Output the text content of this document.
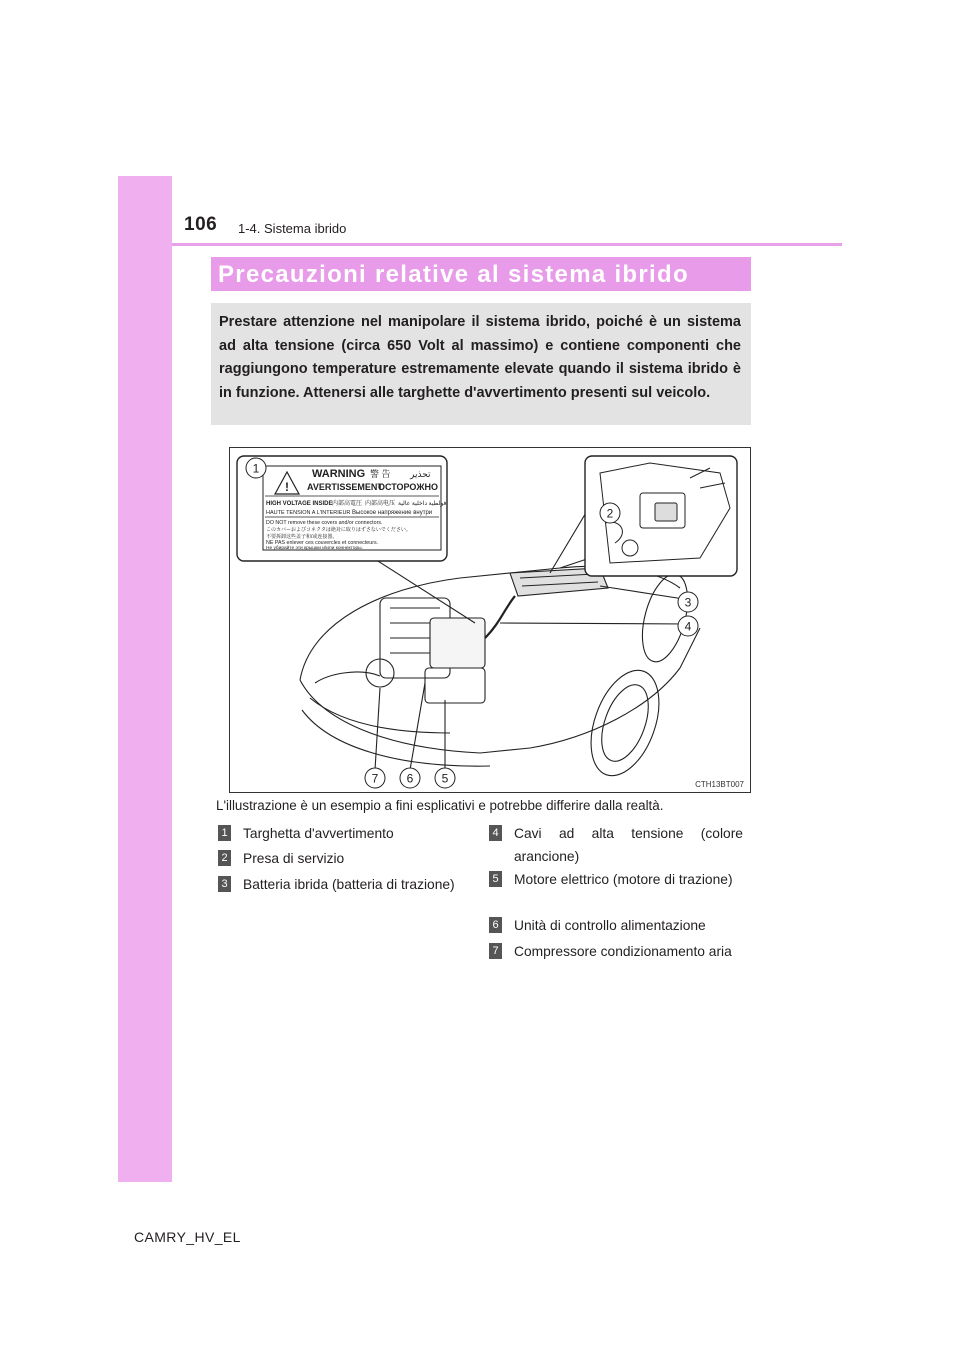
106 1-4. Sistema ibrido
Precauzioni relative al sistema ibrido
Prestare attenzione nel manipolare il sistema ibrido, poiché è un sistema ad alta tensione (circa 650 Volt al massimo) e contiene componenti che raggiungono temperature estremamente elevate quando il sistema ibrido è in funzione. Attenersi alle targhette d'avvertimento presenti sul veicolo.
!
WARNING 警 告 تحذير
AVERTISSEMENT
ОСТОРОЖНО
HIGH VOLTAGE INSIDE 内部高電圧 内部高电压 فولطية داخلية عالية
HAUTE TENSION A L'INTERIEUR Высокое напряжение внутри
DO NOT remove these covers and/or connectors.
このカバーおよびコネクタは絶対に取りはずさないでください。
不要拆卸这些盖子和/或连接器。
NE PAS enlever ces couvercles et connecteurs.
Не убирайте эти крышки и/или коннекторы.
1
2
3
4
5
6
7	CTH13BT007
L'illustrazione è un esempio a fini esplicativi e potrebbe differire dalla realtà.
1 Targhetta d'avvertimento
2 Presa di servizio
3 Batteria ibrida (batteria di trazione)
4 Cavi ad alta tensione (colore arancione)
5 Motore elettrico (motore di trazione)
6 Unità di controllo alimentazione
7 Compressore condizionamento aria
CAMRY_HV_EL
